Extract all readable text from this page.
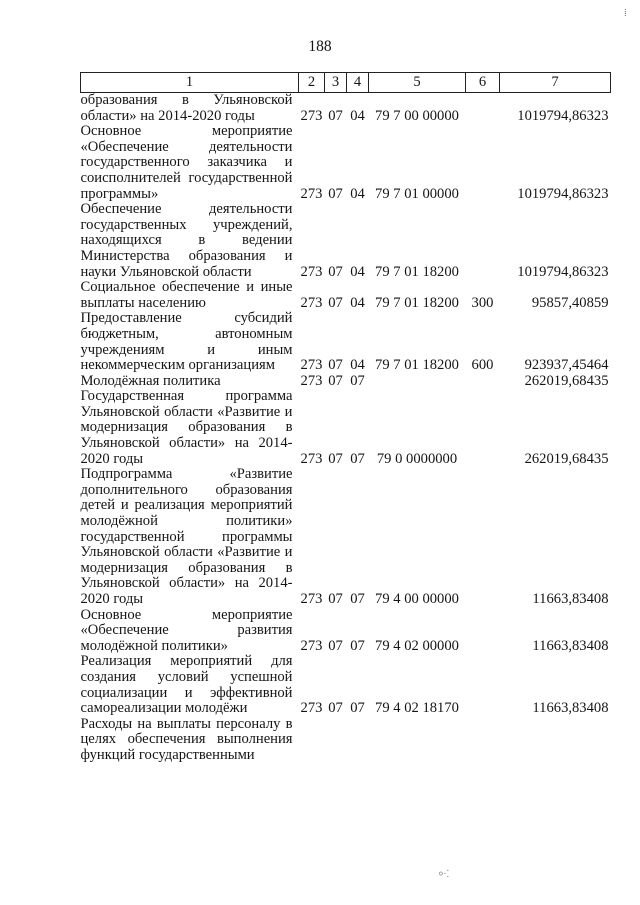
188
1	2	3	4	5	6	7
образования в Ульяновской области» на 2014-2020 годы	273	07	04	79 7 00 00000		1019794,86323
Основное мероприятие «Обеспечение деятельности государственного заказчика и соисполнителей государственной программы»	273	07	04	79 7 01 00000		1019794,86323
Обеспечение деятельности государственных учреждений, находящихся в ведении Министерства образования и науки Ульяновской области	273	07	04	79 7 01 18200		1019794,86323
Социальное обеспечение и иные выплаты населению	273	07	04	79 7 01 18200	300	95857,40859
Предоставление субсидий бюджетным, автономным учреждениям и иным некоммерческим организациям	273	07	04	79 7 01 18200	600	923937,45464
Молодёжная политика	273	07	07			262019,68435
Государственная программа Ульяновской области «Развитие и модернизация образования в Ульяновской области» на 2014-2020 годы	273	07	07	79 0 0000000		262019,68435
Подпрограмма «Развитие дополнительного образования детей и реализация мероприятий молодёжной политики» государственной программы Ульяновской области «Развитие и модернизация образования в Ульяновской области» на 2014-2020 годы	273	07	07	79 4 00 00000		11663,83408
Основное мероприятие «Обеспечение развития молодёжной политики»	273	07	07	79 4 02 00000		11663,83408
Реализация мероприятий для создания условий успешной социализации и эффективной самореализации молодёжи	273	07	07	79 4 02 18170		11663,83408
Расходы на выплаты персоналу в целях обеспечения выполнения функций государственными						
⁞
⸰⁖
